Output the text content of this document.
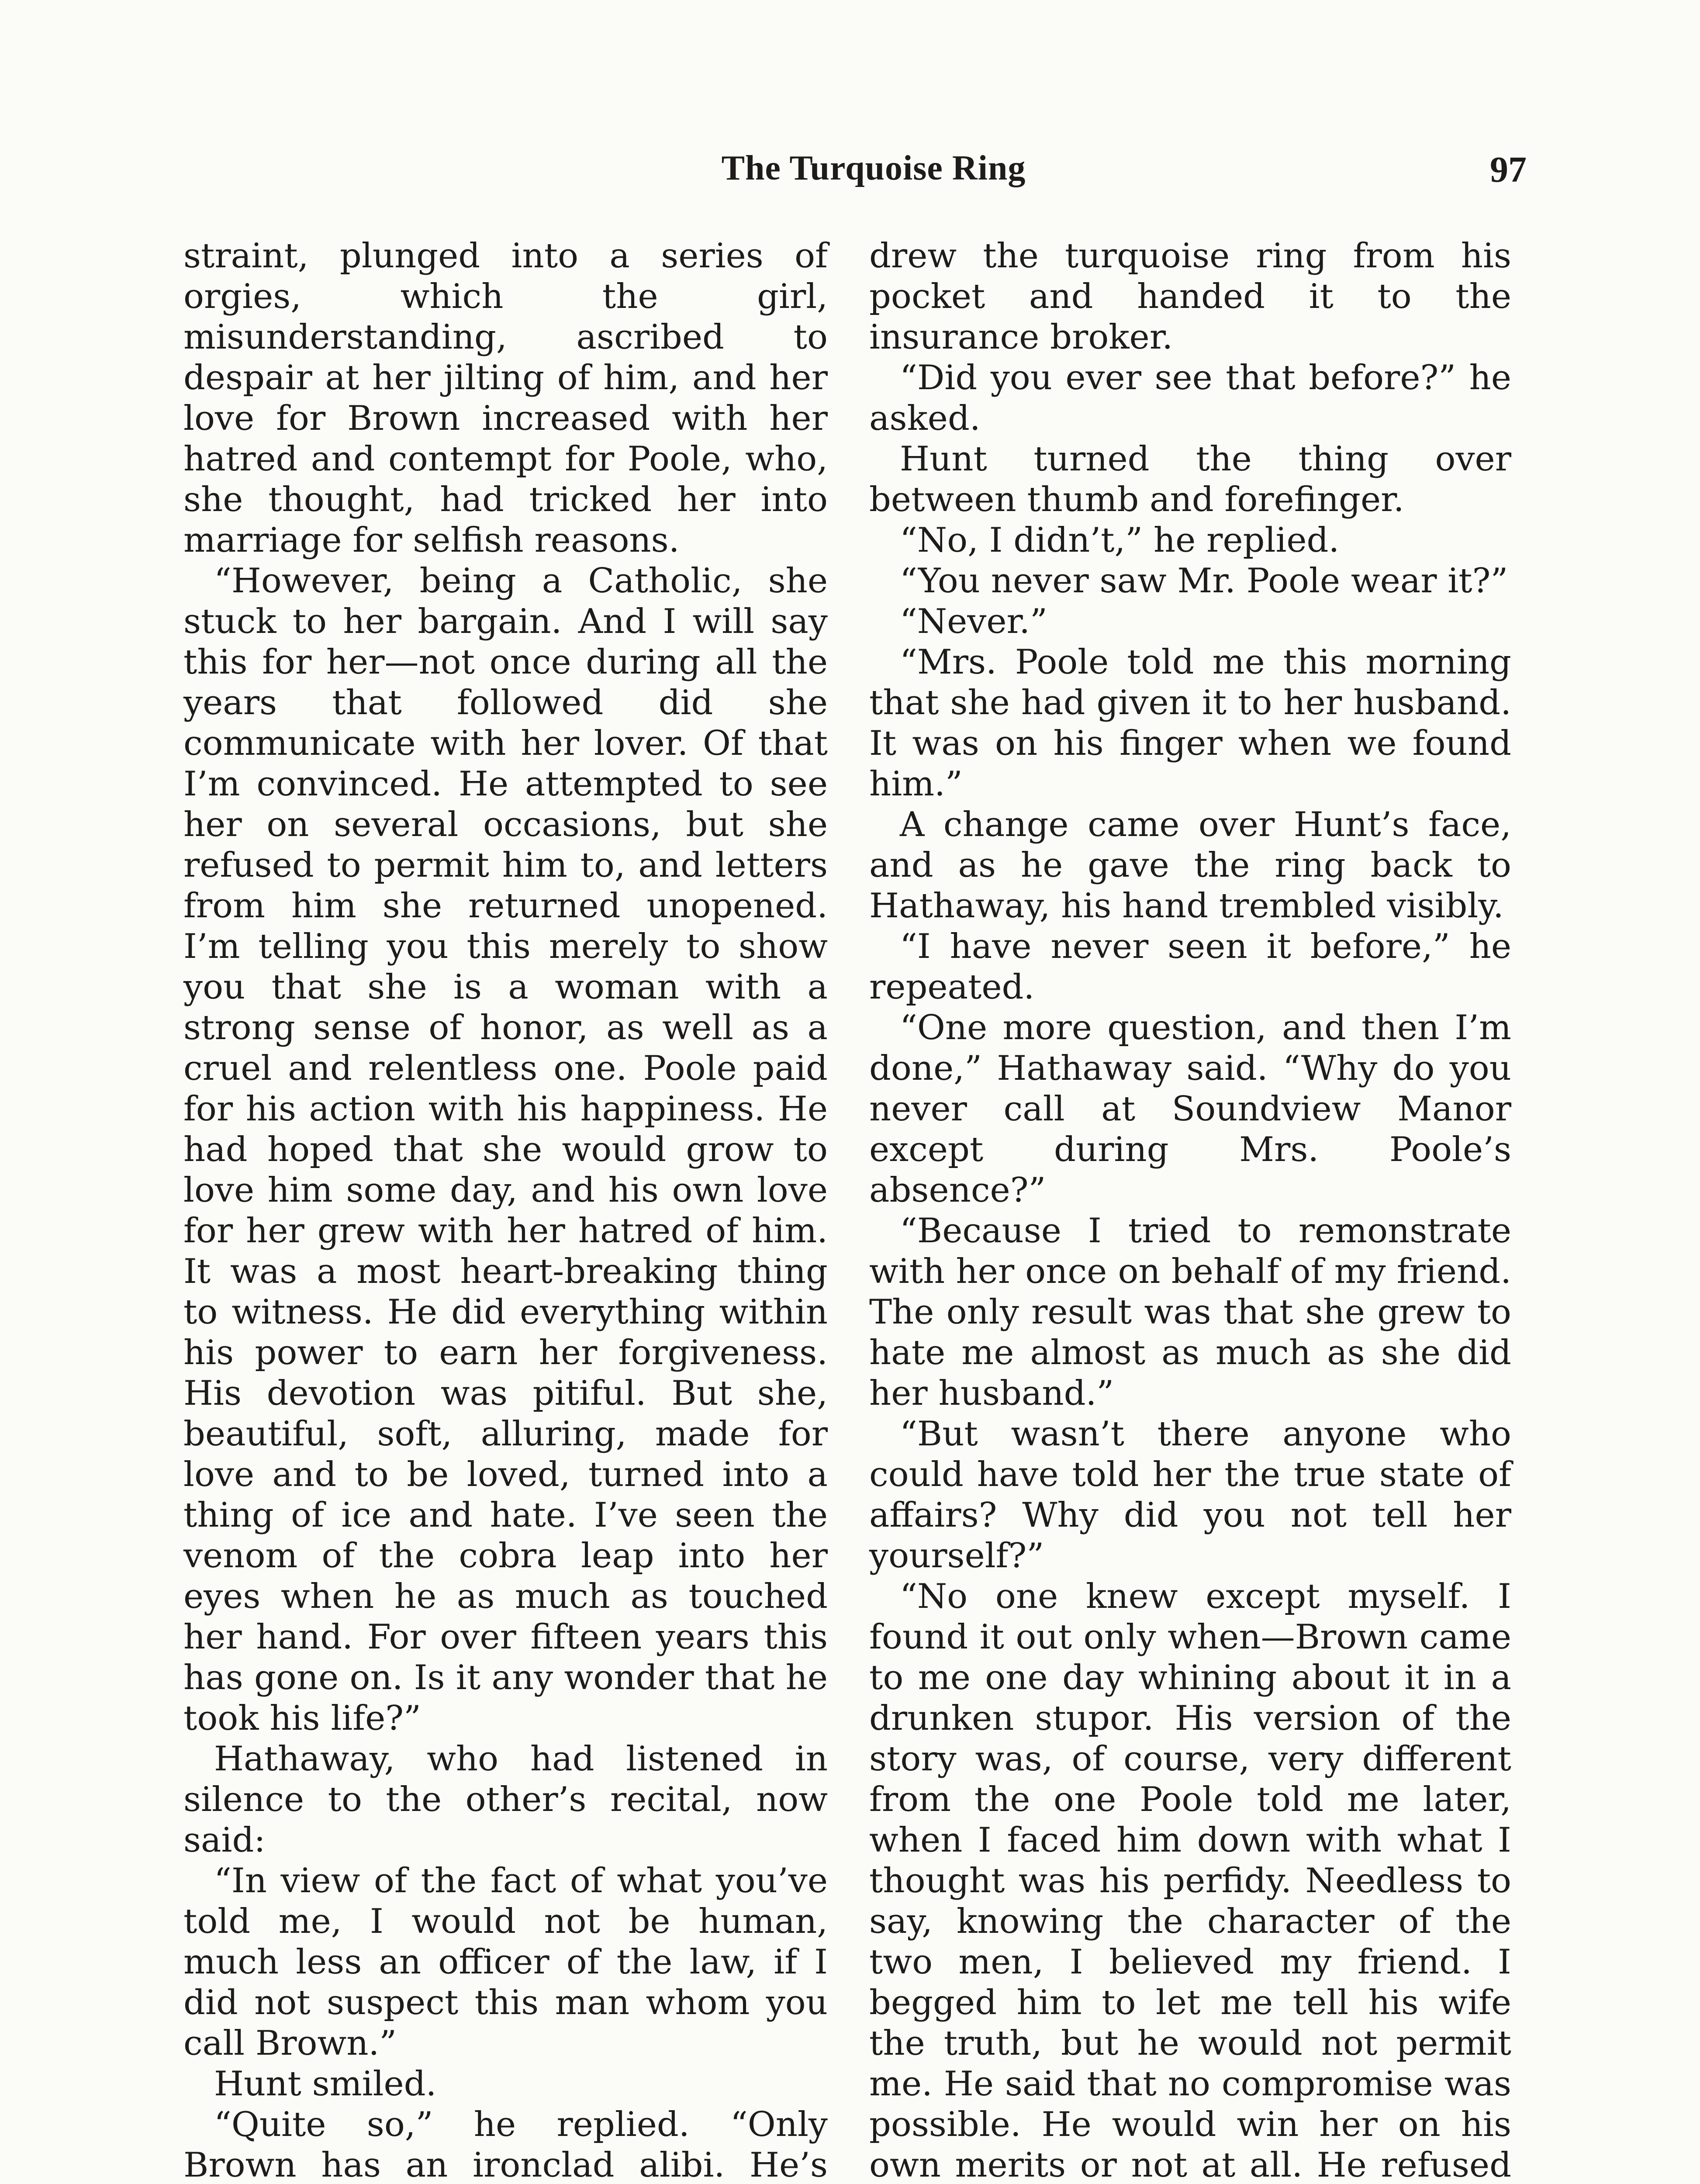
The Turquoise Ring	97

straint, plunged into a series of orgies, which the girl, misunderstanding, ascribed to despair at her jilting of him, and her love for Brown increased with her hatred and contempt for Poole, who, she thought, had tricked her into marriage for selfish reasons.

“However, being a Catholic, she stuck to her bargain. And I will say this for her—not once during all the years that followed did she communicate with her lover. Of that I’m convinced. He attempted to see her on several occasions, but she refused to permit him to, and letters from him she returned unopened. I’m telling you this merely to show you that she is a woman with a strong sense of honor, as well as a cruel and relentless one. Poole paid for his action with his happiness. He had hoped that she would grow to love him some day, and his own love for her grew with her hatred of him. It was a most heart-breaking thing to witness. He did everything within his power to earn her forgiveness. His devotion was pitiful. But she, beautiful, soft, alluring, made for love and to be loved, turned into a thing of ice and hate. I’ve seen the venom of the cobra leap into her eyes when he as much as touched her hand. For over fifteen years this has gone on. Is it any wonder that he took his life?”

Hathaway, who had listened in silence to the other’s recital, now said:

“In view of the fact of what you’ve told me, I would not be human, much less an officer of the law, if I did not suspect this man whom you call Brown.”

Hunt smiled.

“Quite so,” he replied. “Only Brown has an ironclad alibi. He’s

drew the turquoise ring from his pocket and handed it to the insurance broker.

“Did you ever see that before?” he asked.

Hunt turned the thing over between thumb and forefinger.

“No, I didn’t,” he replied.

“You never saw Mr. Poole wear it?”

“Never.”

“Mrs. Poole told me this morning that she had given it to her husband. It was on his finger when we found him.”

A change came over Hunt’s face, and as he gave the ring back to Hathaway, his hand trembled visibly.

“I have never seen it before,” he repeated.

“One more question, and then I’m done,” Hathaway said. “Why do you never call at Soundview Manor except during Mrs. Poole’s absence?”

“Because I tried to remonstrate with her once on behalf of my friend. The only result was that she grew to hate me almost as much as she did her husband.”

“But wasn’t there anyone who could have told her the true state of affairs? Why did you not tell her yourself?”

“No one knew except myself. I found it out only when—Brown came to me one day whining about it in a drunken stupor. His version of the story was, of course, very different from the one Poole told me later, when I faced him down with what I thought was his perfidy. Needless to say, knowing the character of the two men, I believed my friend. I begged him to let me tell his wife the truth, but he would not permit me. He said that no compromise was possible. He would win her on his own merits or not at all. He refused
